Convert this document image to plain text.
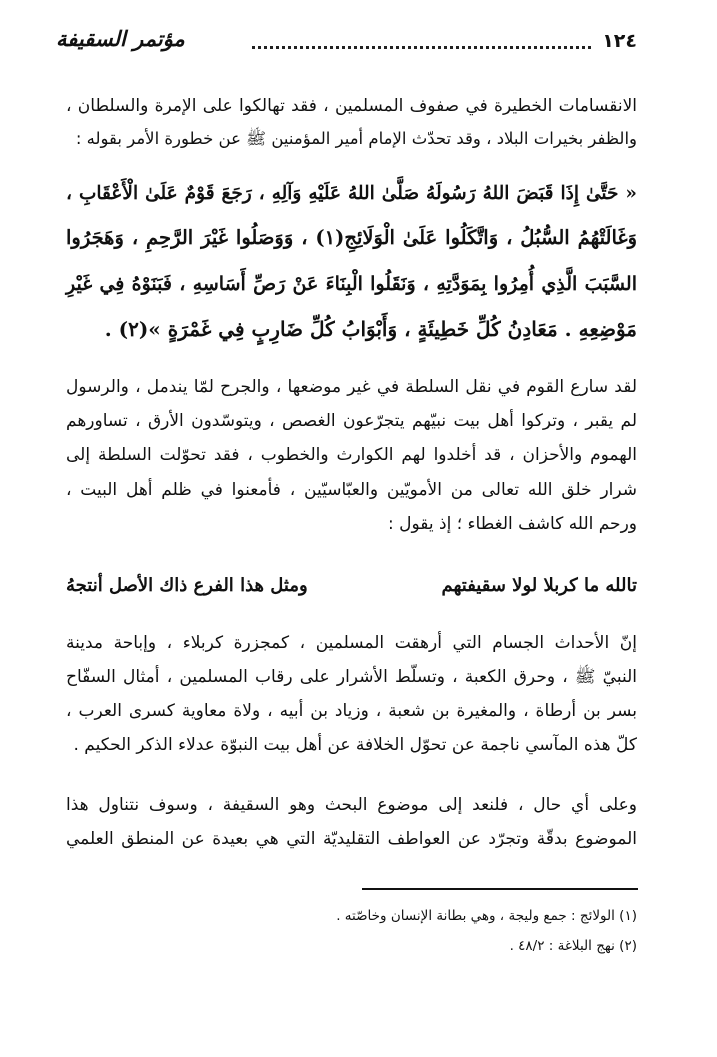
١٢٤
مؤتمر السقيفة
الانقسامات الخطيرة في صفوف المسلمين ، فقد تهالكوا على الإمرة والسلطان ،
والظفر بخيرات البلاد ، وقد تحدّث الإمام أمير المؤمنين ﷺ عن خطورة الأمر بقوله :
« حَتَّىٰ إِذَا قَبَضَ اللهُ رَسُولَهُ صَلَّىٰ اللهُ عَلَيْهِ وَآلِهِ ، رَجَعَ قَوْمٌ عَلَىٰ الْأَعْقَابِ ،
وَغَالَتْهُمُ السُّبُلُ ، وَاتَّكَلُوا عَلَىٰ الْوَلَائِجِ(١) ، وَوَصَلُوا غَيْرَ الرَّحِمِ ، وَهَجَرُوا
السَّبَبَ الَّذِي أُمِرُوا بِمَوَدَّتِهِ ، وَنَقَلُوا الْبِنَاءَ عَنْ رَصِّ أَسَاسِهِ ، فَبَنَوْهُ فِي غَيْرِ
مَوْضِعِهِ . مَعَادِنُ كُلِّ خَطِيئَةٍ ، وَأَبْوَابُ كُلِّ ضَارِبٍ فِي غَمْرَةٍ »(٢) .
لقد سارع القوم في نقل السلطة في غير موضعها ، والجرح لمّا يندمل ، والرسول
لم يقبر ، وتركوا أهل بيت نبيّهم يتجرّعون الغصص ، ويتوسّدون الأرق ، تساورهم
الهموم والأحزان ، قد أخلدوا لهم الكوارث والخطوب ، فقد تحوّلت السلطة إلى
شرار خلق الله تعالى من الأمويّين والعبّاسيّين ، فأمعنوا في ظلم أهل البيت ،
ورحم الله كاشف الغطاء ؛ إذ يقول :
تالله ما كربلا لولا سقيفتهم
ومثل هذا الفرع ذاك الأصل أنتجهُ
إنّ الأحداث الجسام التي أرهقت المسلمين ، كمجزرة كربلاء ، وإباحة مدينة
النبيّ ﷺ ، وحرق الكعبة ، وتسلّط الأشرار على رقاب المسلمين ، أمثال السفّاح
بسر بن أرطاة ، والمغيرة بن شعبة ، وزياد بن أبيه ، ولاة معاوية كسرى العرب ،
كلّ هذه المآسي ناجمة عن تحوّل الخلافة عن أهل بيت النبوّة عدلاء الذكر الحكيم .
وعلى أي حال ، فلنعد إلى موضوع البحث وهو السقيفة ، وسوف نتناول هذا
الموضوع بدقّة وتجرّد عن العواطف التقليديّة التي هي بعيدة عن المنطق العلمي
(١) الولائج : جمع وليجة ، وهي بطانة الإنسان وخاصّته .
(٢) نهج البلاغة : ٤٨/٢ .
